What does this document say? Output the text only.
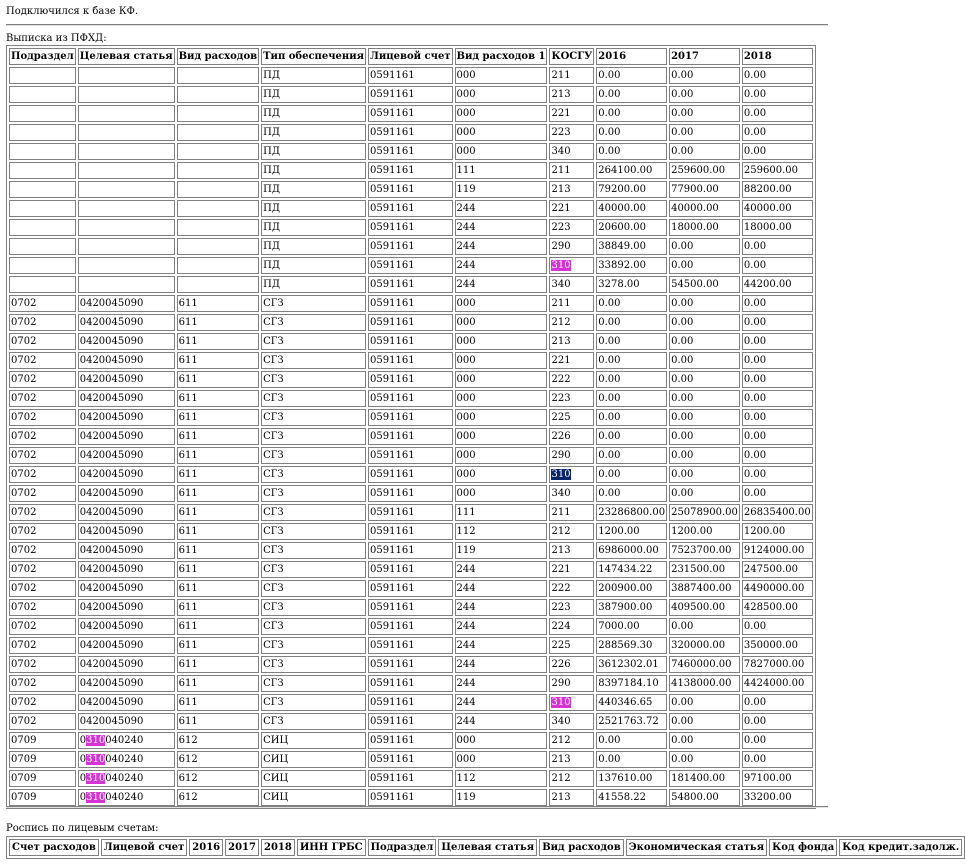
Подключился к базе КФ.
Выписка из ПФХД:
Подраздел	Целевая статья	Вид расходов	Тип обеспечения	Лицевой счет	Вид расходов 1	КОСГУ	2016	2017	2018
			ПД	0591161	000	211	0.00	0.00	0.00
			ПД	0591161	000	213	0.00	0.00	0.00
			ПД	0591161	000	221	0.00	0.00	0.00
			ПД	0591161	000	223	0.00	0.00	0.00
			ПД	0591161	000	340	0.00	0.00	0.00
			ПД	0591161	111	211	264100.00	259600.00	259600.00
			ПД	0591161	119	213	79200.00	77900.00	88200.00
			ПД	0591161	244	221	40000.00	40000.00	40000.00
			ПД	0591161	244	223	20600.00	18000.00	18000.00
			ПД	0591161	244	290	38849.00	0.00	0.00
			ПД	0591161	244	310	33892.00	0.00	0.00
			ПД	0591161	244	340	3278.00	54500.00	44200.00
0702	0420045090	611	СГЗ	0591161	000	211	0.00	0.00	0.00
0702	0420045090	611	СГЗ	0591161	000	212	0.00	0.00	0.00
0702	0420045090	611	СГЗ	0591161	000	213	0.00	0.00	0.00
0702	0420045090	611	СГЗ	0591161	000	221	0.00	0.00	0.00
0702	0420045090	611	СГЗ	0591161	000	222	0.00	0.00	0.00
0702	0420045090	611	СГЗ	0591161	000	223	0.00	0.00	0.00
0702	0420045090	611	СГЗ	0591161	000	225	0.00	0.00	0.00
0702	0420045090	611	СГЗ	0591161	000	226	0.00	0.00	0.00
0702	0420045090	611	СГЗ	0591161	000	290	0.00	0.00	0.00
0702	0420045090	611	СГЗ	0591161	000	310	0.00	0.00	0.00
0702	0420045090	611	СГЗ	0591161	000	340	0.00	0.00	0.00
0702	0420045090	611	СГЗ	0591161	111	211	23286800.00	25078900.00	26835400.00
0702	0420045090	611	СГЗ	0591161	112	212	1200.00	1200.00	1200.00
0702	0420045090	611	СГЗ	0591161	119	213	6986000.00	7523700.00	9124000.00
0702	0420045090	611	СГЗ	0591161	244	221	147434.22	231500.00	247500.00
0702	0420045090	611	СГЗ	0591161	244	222	200900.00	3887400.00	4490000.00
0702	0420045090	611	СГЗ	0591161	244	223	387900.00	409500.00	428500.00
0702	0420045090	611	СГЗ	0591161	244	224	7000.00	0.00	0.00
0702	0420045090	611	СГЗ	0591161	244	225	288569.30	320000.00	350000.00
0702	0420045090	611	СГЗ	0591161	244	226	3612302.01	7460000.00	7827000.00
0702	0420045090	611	СГЗ	0591161	244	290	8397184.10	4138000.00	4424000.00
0702	0420045090	611	СГЗ	0591161	244	310	440346.65	0.00	0.00
0702	0420045090	611	СГЗ	0591161	244	340	2521763.72	0.00	0.00
0709	0310040240	612	СИЦ	0591161	000	212	0.00	0.00	0.00
0709	0310040240	612	СИЦ	0591161	000	213	0.00	0.00	0.00
0709	0310040240	612	СИЦ	0591161	112	212	137610.00	181400.00	97100.00
0709	0310040240	612	СИЦ	0591161	119	213	41558.22	54800.00	33200.00
Роспись по лицевым счетам:
Счет расходов	Лицевой счет	2016	2017	2018	ИНН ГРБС	Подраздел	Целевая статья	Вид расходов	Экономическая статья	Код фонда	Код кредит.задолж.
